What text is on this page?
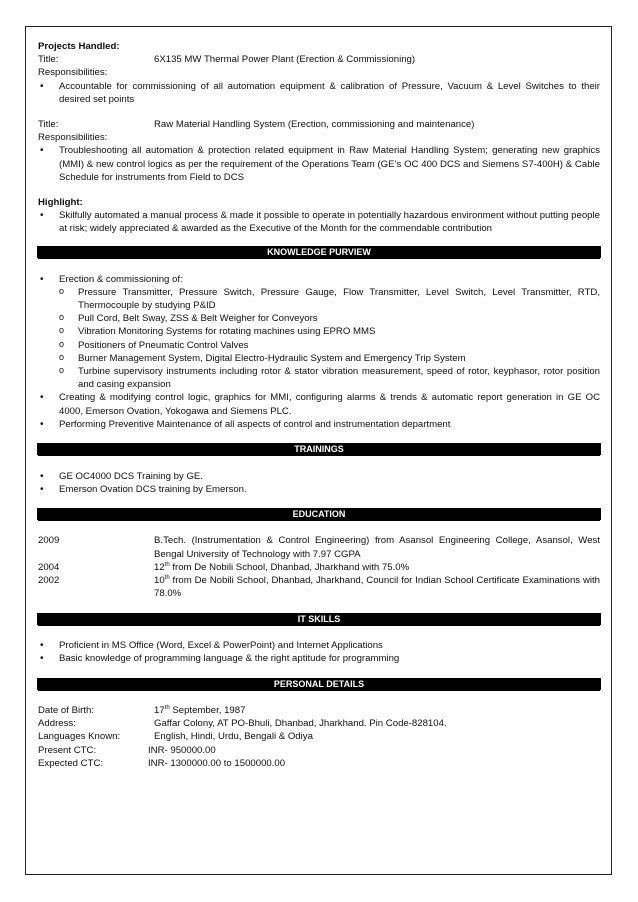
Projects Handled:
Title:	6X135 MW Thermal Power Plant (Erection & Commissioning)
Responsibilities:
• Accountable for commissioning of all automation equipment & calibration of Pressure, Vacuum & Level Switches to their desired set points
Title:	Raw Material Handling System (Erection, commissioning and maintenance)
Responsibilities:
• Troubleshooting all automation & protection related equipment in Raw Material Handling System; generating new graphics (MMI) & new control logics as per the requirement of the Operations Team (GE’s OC 400 DCS and Siemens S7-400H) & Cable Schedule for instruments from Field to DCS
Highlight:
• Skilfully automated a manual process & made it possible to operate in potentially hazardous environment without putting people at risk; widely appreciated & awarded as the Executive of the Month for the commendable contribution
KNOWLEDGE PURVIEW
• Erection & commissioning of:
o Pressure Transmitter, Pressure Switch, Pressure Gauge, Flow Transmitter, Level Switch, Level Transmitter, RTD, Thermocouple by studying P&ID
o Pull Cord, Belt Sway, ZSS & Belt Weigher for Conveyors
o Vibration Monitoring Systems for rotating machines using EPRO MMS
o Positioners of Pneumatic Control Valves
o Burner Management System, Digital Electro-Hydraulic System and Emergency Trip System
o Turbine supervisory instruments including rotor & stator vibration measurement, speed of rotor, keyphasor, rotor position and casing expansion
• Creating & modifying control logic, graphics for MMI, configuring alarms & trends & automatic report generation in GE OC 4000, Emerson Ovation, Yokogawa and Siemens PLC.
• Performing Preventive Maintenance of all aspects of control and instrumentation department
TRAININGS
• GE OC4000 DCS Training by GE.
• Emerson Ovation DCS training by Emerson.
EDUCATION
2009	B.Tech. (Instrumentation & Control Engineering) from Asansol Engineering College, Asansol, West Bengal University of Technology with 7.97 CGPA
2004	12th from De Nobili School, Dhanbad, Jharkhand with 75.0%
2002	10th from De Nobili School, Dhanbad, Jharkhand, Council for Indian School Certificate Examinations with 78.0%
IT SKILLS
• Proficient in MS Office (Word, Excel & PowerPoint) and Internet Applications
• Basic knowledge of programming language & the right aptitude for programming
PERSONAL DETAILS
Date of Birth:	17th September, 1987
Address:	Gaffar Colony, AT PO-Bhuli, Dhanbad, Jharkhand. Pin Code-828104.
Languages Known:	English, Hindi, Urdu, Bengali & Odiya
Present CTC:	INR- 950000.00
Expected CTC:	INR- 1300000.00 to 1500000.00
